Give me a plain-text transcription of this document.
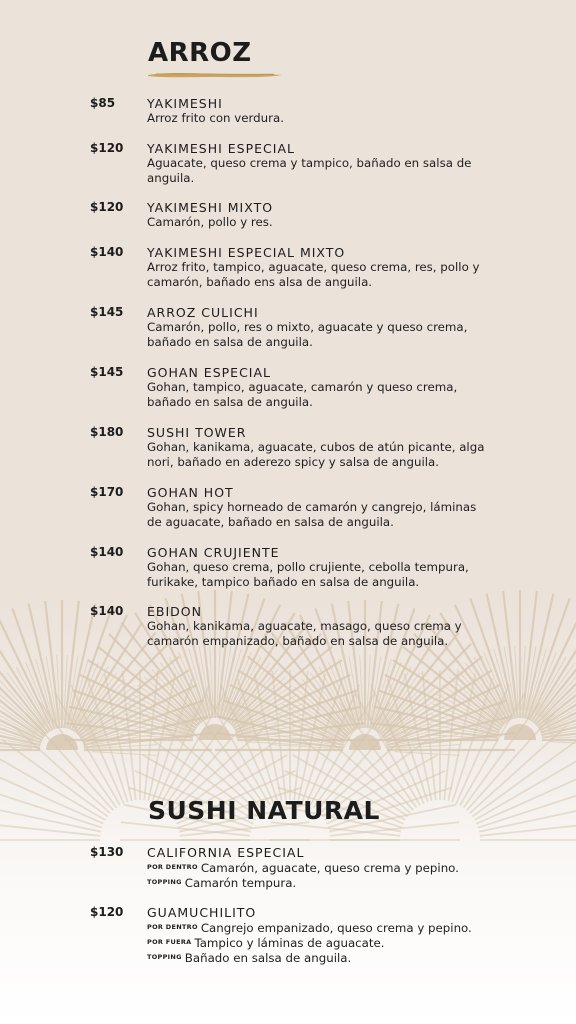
ARROZ
$85	YAKIMESHI

Arroz frito con verdura.

$120 YAKIMESHI ESPECIAL

Aguacate, queso crema y tampico, bañado en salsa de anguila.

$120 YAKIMESHI MIXTO

Camarón, pollo y res.

$140 YAKIMESHI ESPECIAL MIXTO

Arroz frito, tampico, aguacate, queso crema, res, pollo y camarón, bañado ens alsa de anguila.

$145 ARROZ CULICHI

Camarón, pollo, res o mixto, aguacate y queso crema, bañado en salsa de anguila.

$145 GOHAN ESPECIAL

Gohan, tampico, aguacate, camarón y queso crema, bañado en salsa de anguila.

$180 SUSHI TOWER

Gohan, kanikama, aguacate, cubos de atún picante, alga nori, bañado en aderezo spicy y salsa de anguila.

$170 GOHAN HOT

Gohan, spicy horneado de camarón y cangrejo, láminas de aguacate, bañado en salsa de anguila.

$140 GOHAN CRUJIENTE

Gohan, queso crema, pollo crujiente, cebolla tempura, furikake, tampico bañado en salsa de anguila.

$140 EBIDON

Gohan, kanikama, aguacate, masago, queso crema y camarón empanizado, bañado en salsa de anguila.

SUSHI NATURAL
$130 CALIFORNIA ESPECIAL

$^{POR DENTRO}$ Camarón, aguacate, queso crema y pepino.

$^{TOPPING}$ Camarón tempura.

$120 GUAMUCHILITO

$^{POR DENTRO}$ Cangrejo empanizado, queso crema y pepino.

$^{POR FUERA}$ Tampico y láminas de aguacate.

$^{TOPPING}$ Bañado en salsa de anguila.
